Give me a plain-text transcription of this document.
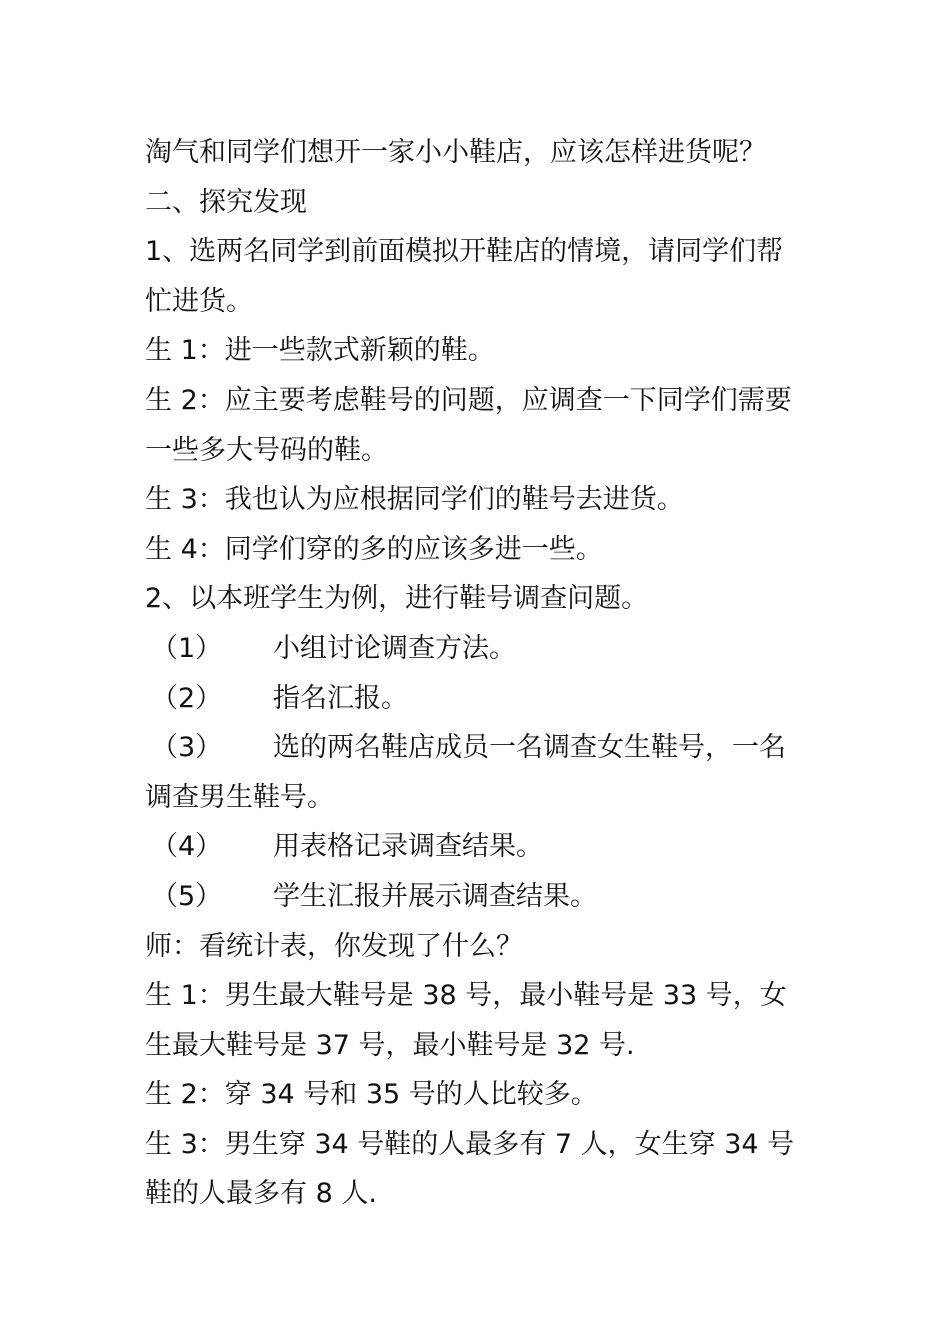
淘气和同学们想开一家小小鞋店，应该怎样进货呢？
二、探究发现
1、选两名同学到前面模拟开鞋店的情境，请同学们帮忙进货。
生 1：进一些款式新颖的鞋。
生 2：应主要考虑鞋号的问题，应调查一下同学们需要一些多大号码的鞋。
生 3：我也认为应根据同学们的鞋号去进货。
生 4：同学们穿的多的应该多进一些。
2、以本班学生为例，进行鞋号调查问题。
（1） 小组讨论调查方法。
（2） 指名汇报。
（3）	选的两名鞋店成员一名调查女生鞋号，一名调查男生鞋号。
（4） 用表格记录调查结果。
（5） 学生汇报并展示调查结果。
师：看统计表，你发现了什么？
生 1：男生最大鞋号是 38 号，最小鞋号是 33 号，女生最大鞋号是 37 号，最小鞋号是 32 号.
生 2：穿 34 号和 35 号的人比较多。
生 3：男生穿 34 号鞋的人最多有 7 人，女生穿 34 号鞋的人最多有 8 人.
